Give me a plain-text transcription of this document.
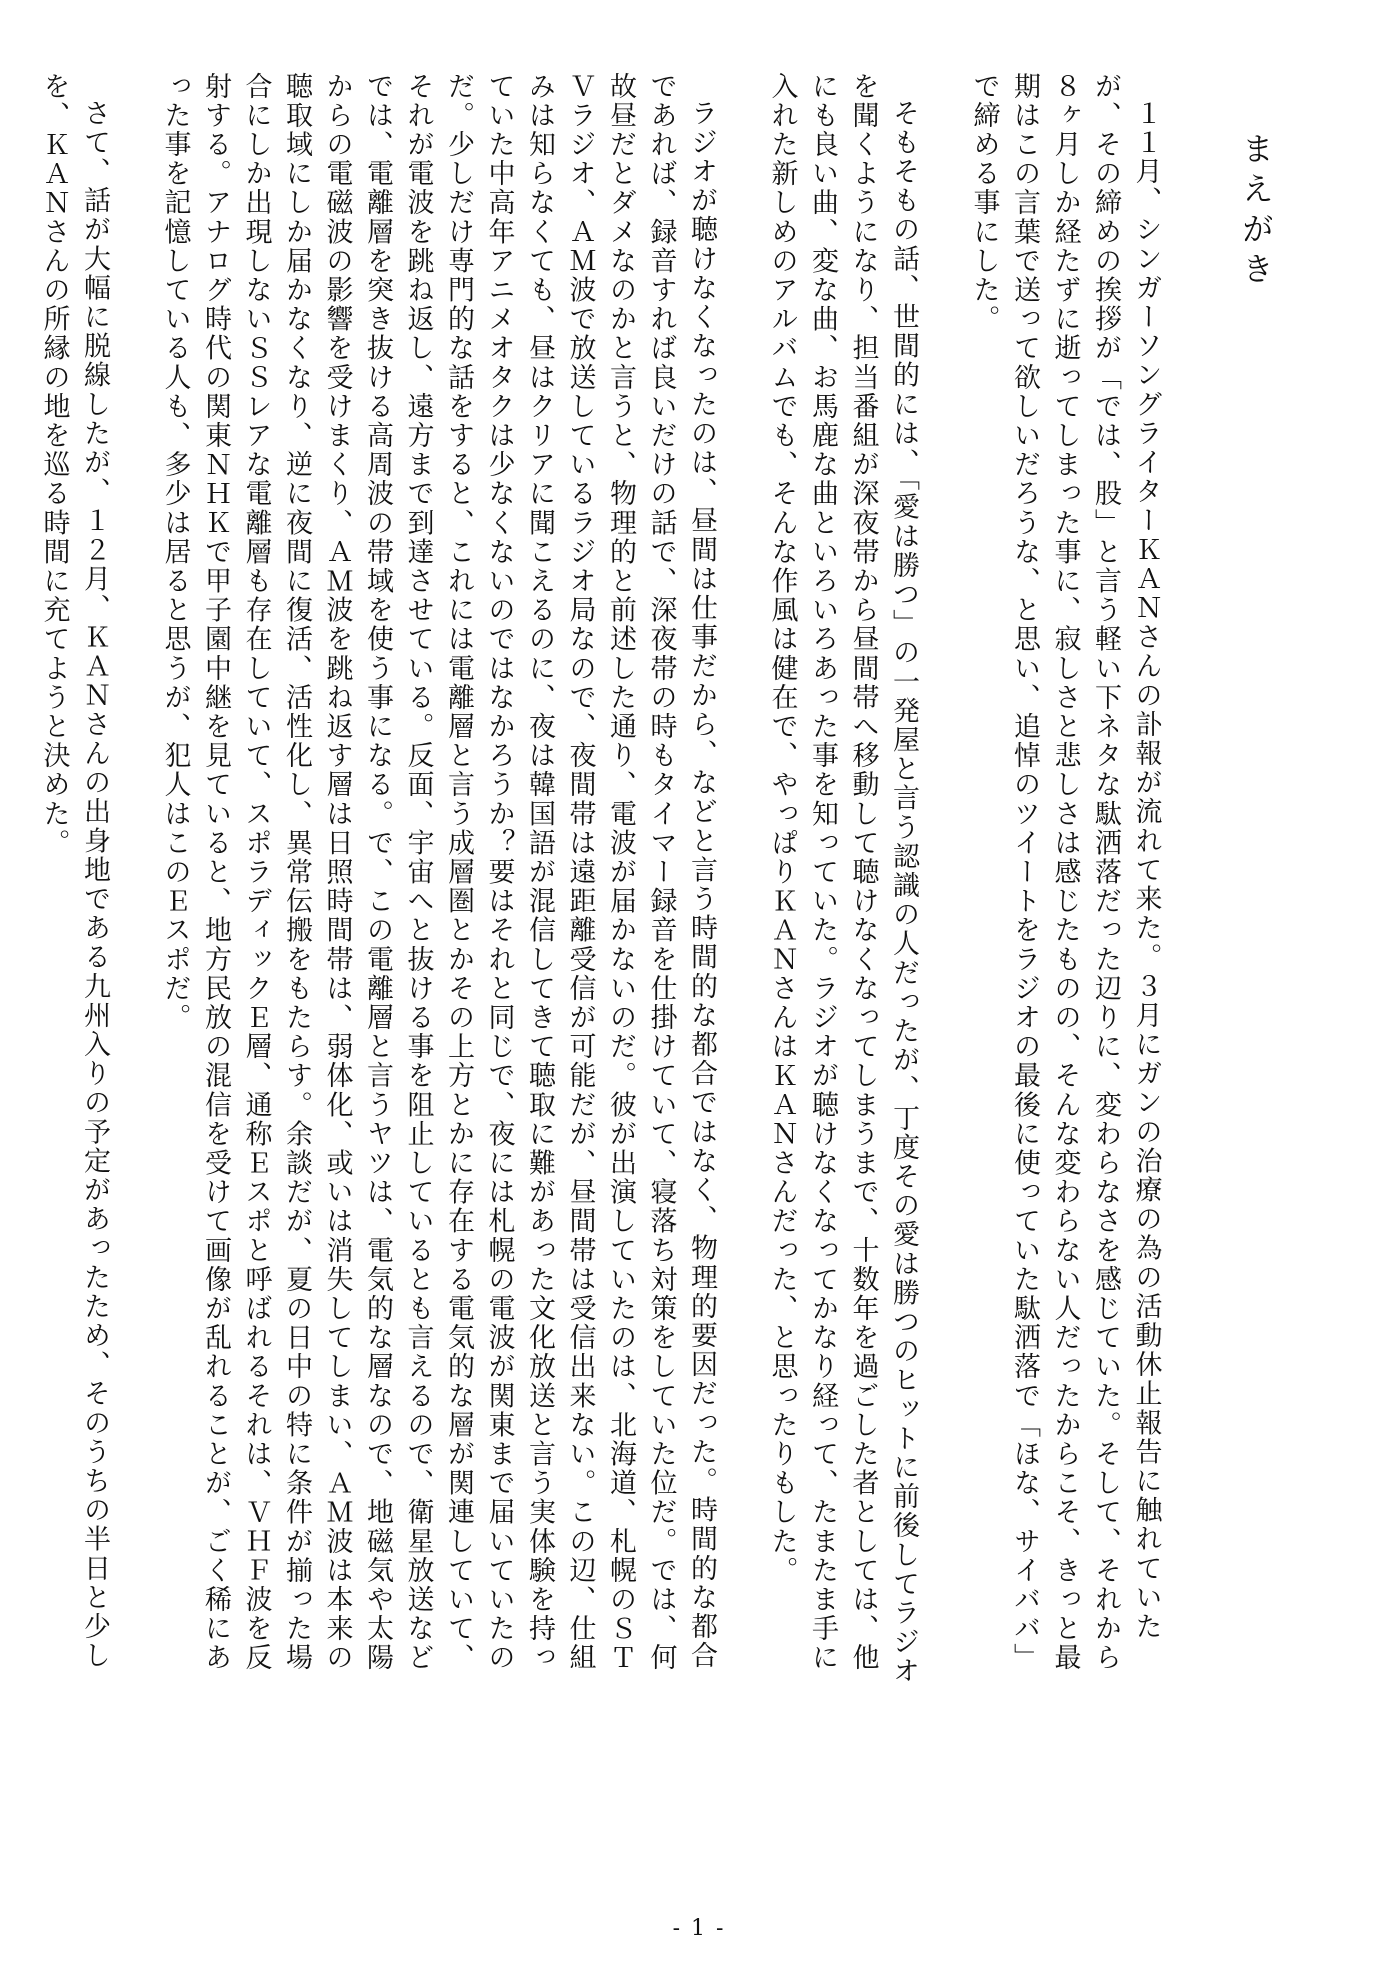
まえがき

１１月、シンガーソングライターＫＡＮさんの訃報が流れて来た。３月にガンの治療の為の活動休止報告に触れていたが、その締めの挨拶が「では、股」と言う軽い下ネタな駄洒落だった辺りに、変わらなさを感じていた。そして、それから８ヶ月しか経たずに逝ってしまった事に、寂しさと悲しさは感じたものの、そんな変わらない人だったからこそ、きっと最期はこの言葉で送って欲しいだろうな、と思い、追悼のツイートをラジオの最後に使っていた駄洒落で「ほな、サイババ」で締める事にした。

そもそもの話、世間的には、「愛は勝つ」の一発屋と言う認識の人だったが、丁度その愛は勝つのヒットに前後してラジオを聞くようになり、担当番組が深夜帯から昼間帯へ移動して聴けなくなってしまうまで、十数年を過ごした者としては、他にも良い曲、変な曲、お馬鹿な曲といろいろあった事を知っていた。ラジオが聴けなくなってかなり経って、たまたま手に入れた新しめのアルバムでも、そんな作風は健在で、やっぱりＫＡＮさんはＫＡＮさんだった、と思ったりもした。

ラジオが聴けなくなったのは、昼間は仕事だから、などと言う時間的な都合ではなく、物理的要因だった。時間的な都合であれば、録音すれば良いだけの話で、深夜帯の時もタイマー録音を仕掛けていて、寝落ち対策をしていた位だ。では、何故昼だとダメなのかと言うと、物理的と前述した通り、電波が届かないのだ。彼が出演していたのは、北海道、札幌のＳＴＶラジオ、ＡＭ波で放送しているラジオ局なので、夜間帯は遠距離受信が可能だが、昼間帯は受信出来ない。この辺、仕組みは知らなくても、昼はクリアに聞こえるのに、夜は韓国語が混信してきて聴取に難があった文化放送と言う実体験を持っていた中高年アニメオタクは少なくないのではなかろうか？要はそれと同じで、夜には札幌の電波が関東まで届いていたのだ。少しだけ専門的な話をすると、これには電離層と言う成層圏とかその上方とかに存在する電気的な層が関連していて、それが電波を跳ね返し、遠方まで到達させている。反面、宇宙へと抜ける事を阻止しているとも言えるので、衛星放送などでは、電離層を突き抜ける高周波の帯域を使う事になる。で、この電離層と言うヤツは、電気的な層なので、地磁気や太陽からの電磁波の影響を受けまくり、ＡＭ波を跳ね返す層は日照時間帯は、弱体化、或いは消失してしまい、ＡＭ波は本来の聴取域にしか届かなくなり、逆に夜間に復活、活性化し、異常伝搬をもたらす。余談だが、夏の日中の特に条件が揃った場合にしか出現しないＳＳレアな電離層も存在していて、スポラディックＥ層、通称Ｅスポと呼ばれるそれは、ＶＨＦ波を反射する。アナログ時代の関東ＮＨＫで甲子園中継を見ていると、地方民放の混信を受けて画像が乱れることが、ごく稀にあった事を記憶している人も、多少は居ると思うが、犯人はこのＥスポだ。

さて、話が大幅に脱線したが、１２月、ＫＡＮさんの出身地である九州入りの予定があったため、そのうちの半日と少しを、ＫＡＮさんの所縁の地を巡る時間に充てようと決めた。

- 1 -
